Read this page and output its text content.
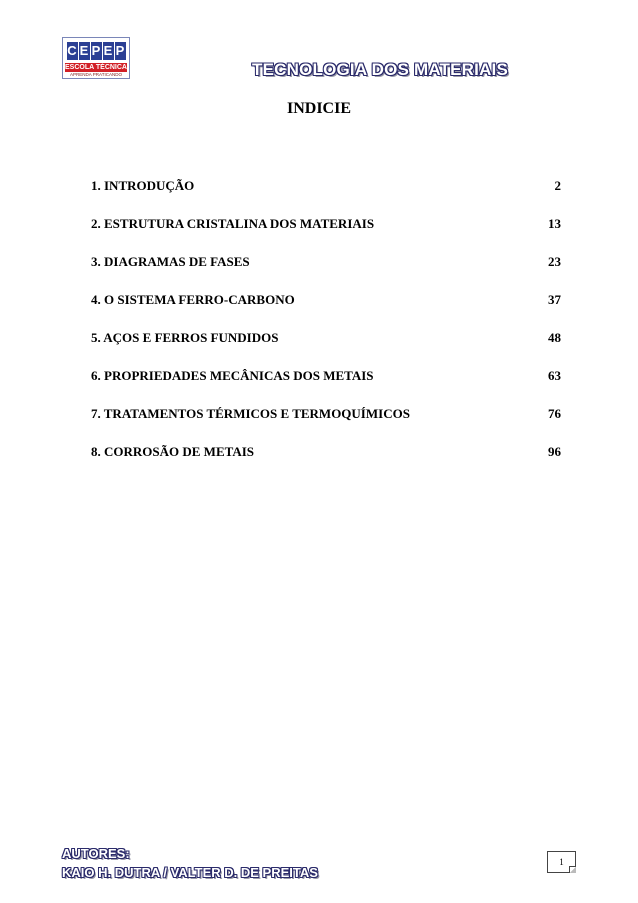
C E P E P
ESCOLA TÉCNICA
APRENDA PRATICANDO	TECNOLOGIA DOS MATERIAIS
INDICIE
1. INTRODUÇÃO	2
2. ESTRUTURA CRISTALINA DOS MATERIAIS	13
3. DIAGRAMAS DE FASES	23
4. O SISTEMA FERRO-CARBONO	37
5. AÇOS E FERROS FUNDIDOS	48
6. PROPRIEDADES MECÂNICAS DOS METAIS	63
7. TRATAMENTOS TÉRMICOS E TERMOQUÍMICOS	76
8. CORROSÃO DE METAIS	96
AUTORES:
KAIO H. DUTRA / VALTER D. DE PREITAS
1
